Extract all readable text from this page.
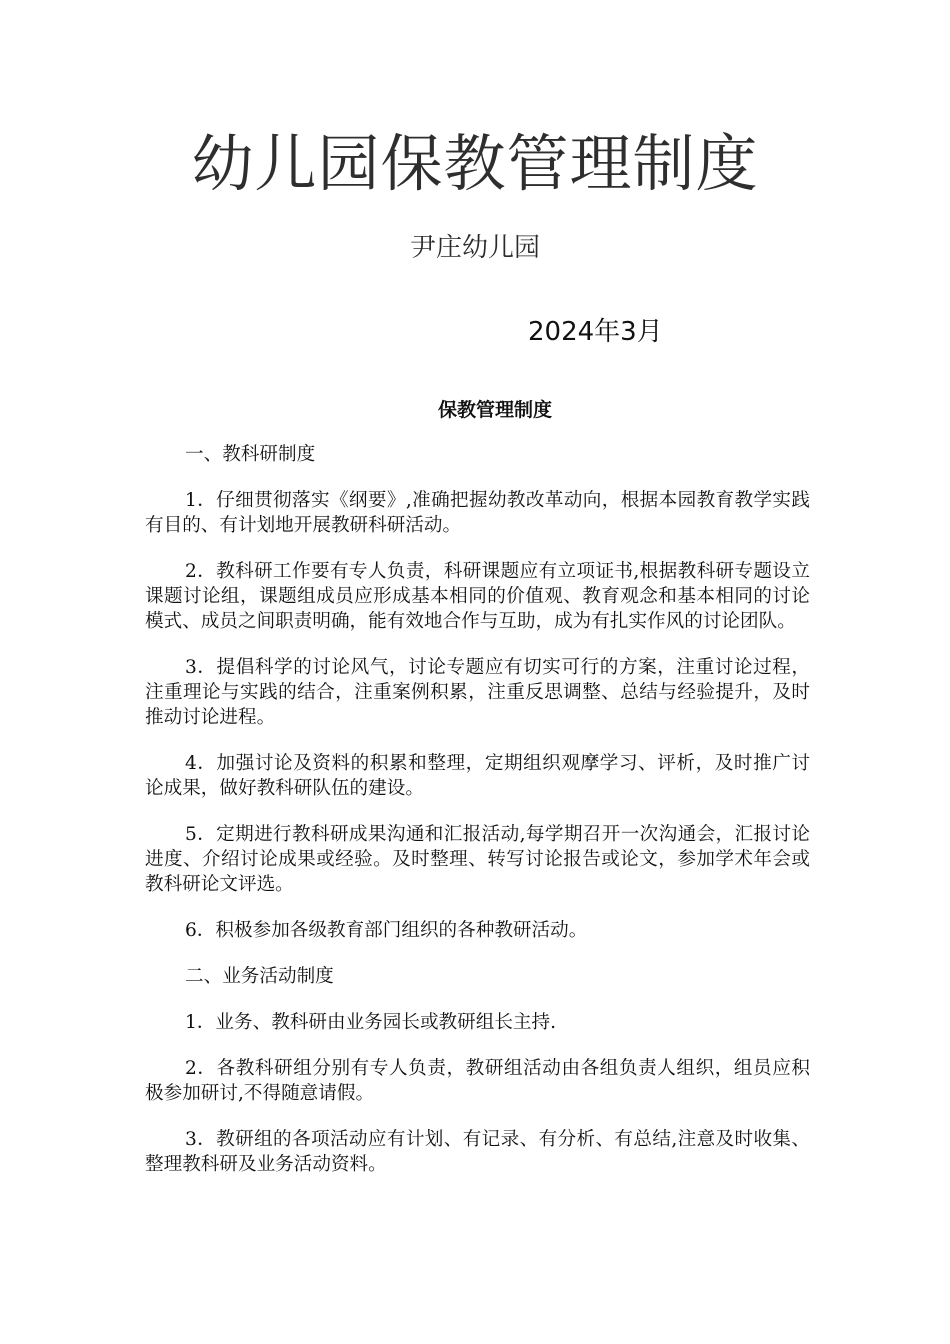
幼儿园保教管理制度
尹庄幼儿园
2024年3月
保教管理制度

一、教科研制度

1．仔细贯彻落实《纲要》,准确把握幼教改革动向，根据本园教育教学实践有目的、有计划地开展教研科研活动。

2．教科研工作要有专人负责，科研课题应有立项证书,根据教科研专题设立课题讨论组，课题组成员应形成基本相同的价值观、教育观念和基本相同的讨论模式、成员之间职责明确，能有效地合作与互助，成为有扎实作风的讨论团队。

3．提倡科学的讨论风气，讨论专题应有切实可行的方案，注重讨论过程，注重理论与实践的结合，注重案例积累，注重反思调整、总结与经验提升，及时推动讨论进程。

4．加强讨论及资料的积累和整理，定期组织观摩学习、评析，及时推广讨论成果，做好教科研队伍的建设。

5．定期进行教科研成果沟通和汇报活动,每学期召开一次沟通会，汇报讨论进度、介绍讨论成果或经验。及时整理、转写讨论报告或论文，参加学术年会或教科研论文评选。

6．积极参加各级教育部门组织的各种教研活动。

二、业务活动制度

1．业务、教科研由业务园长或教研组长主持.

2．各教科研组分别有专人负责，教研组活动由各组负责人组织，组员应积极参加研讨,不得随意请假。

3．教研组的各项活动应有计划、有记录、有分析、有总结,注意及时收集、整理教科研及业务活动资料。
